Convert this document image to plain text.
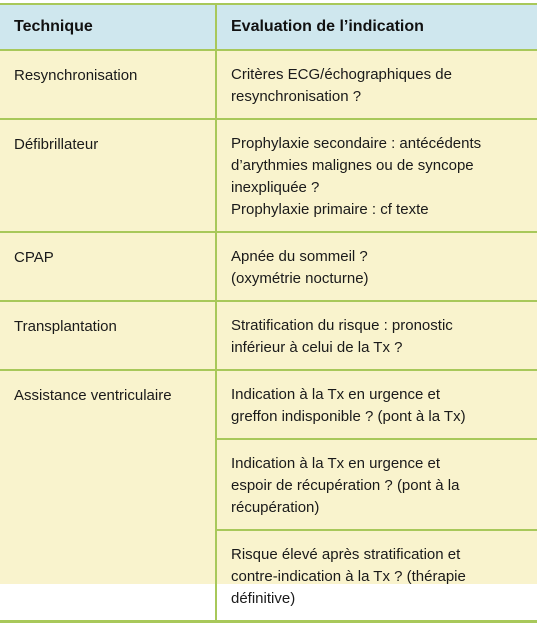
Technique	Evaluation de l’indication
Resynchronisation	Critères ECG/échographiques de
resynchronisation ?
Défibrillateur	Prophylaxie secondaire : antécédents
d’arythmies malignes ou de syncope
inexpliquée ?
Prophylaxie primaire : cf texte
CPAP	Apnée du sommeil ?
(oxymétrie nocturne)
Transplantation	Stratification du risque : pronostic
inférieur à celui de la Tx ?
Assistance ventriculaire	Indication à la Tx en urgence et
greffon indisponible ? (pont à la Tx)
Indication à la Tx en urgence et
espoir de récupération ? (pont à la
récupération)
Risque élevé après stratification et
contre-indication à la Tx ? (thérapie
définitive)
